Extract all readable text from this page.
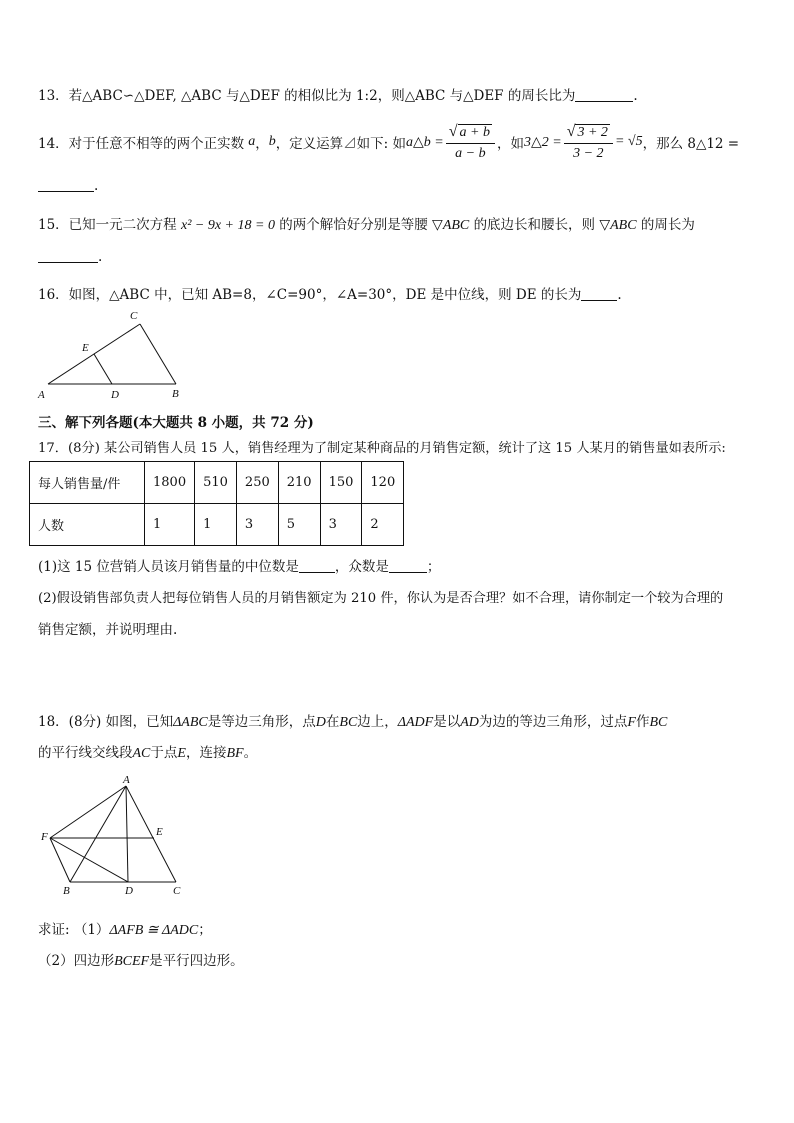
13．若△ABC∽△DEF, △ABC 与△DEF 的相似比为 1:2，则△ABC 与△DEF 的周长比为	.
14．对于任意不相等的两个正实数 a ， b ，定义运算⊿如下: 如 a△b = $\frac{√ a + b}{a - b}$ ，如 3△2 = $\frac{√ 3 + 2}{3 - 2} = √5$ ，那么 8△12 =
.
15．已知一元二次方程 x² − 9x + 18 = 0 的两个解恰好分别是等腰 ▽ABC 的底边长和腰长，则 ▽ABC 的周长为
.
16．如图，△ABC 中，已知 AB=8，∠C=90°，∠A=30°，DE 是中位线，则 DE 的长为	.
A	B
C
D
E
三、解下列各题(本大题共 8 小题，共 72 分)
17．(8分) 某公司销售人员 15 人，销售经理为了制定某种商品的月销售定额，统计了这 15 人某月的销售量如表所示:
每人销售量/件	1800	510	250	210	150	120
人数	1	1	3	5	3	2
(1)这 15 位营销人员该月销售量的中位数是	，众数是	；
(2)假设销售部负责人把每位销售人员的月销售额定为 210 件，你认为是否合理？如不合理，请你制定一个较为合理的
销售定额，并说明理由.
18．(8分) 如图，已知ΔABC是等边三角形，点D在BC边上，ΔADF是以AD为边的等边三角形，过点F作BC
的平行线交线段AC于点E，连接BF。
A
B	C
D
E
F
求证: （1）ΔAFB ≅ ΔADC；
（2）四边形BCEF是平行四边形。
